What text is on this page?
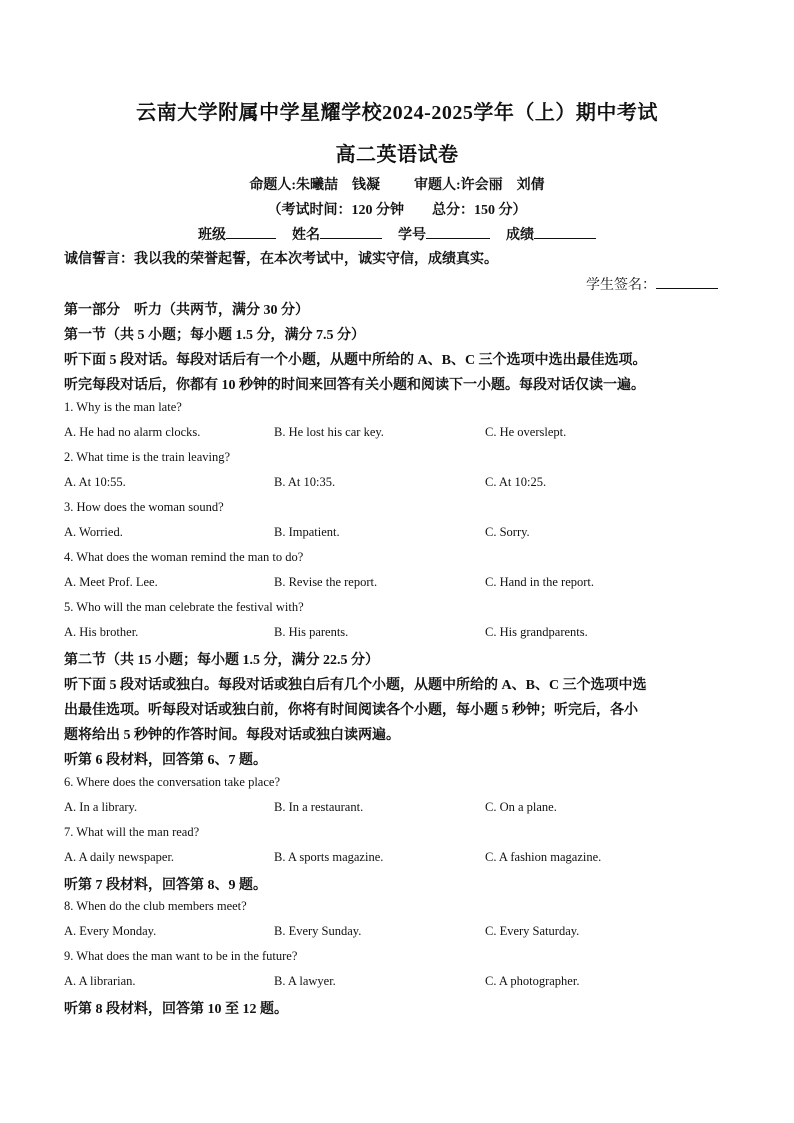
云南大学附属中学星耀学校2024-2025学年（上）期中考试
高二英语试卷
命题人:朱曦喆　钱凝 审题人:许会丽　刘倩
（考试时间：120 分钟　　总分：150 分）
班级	姓名	学号	成绩
诚信誓言：我以我的荣誉起誓，在本次考试中，诚实守信，成绩真实。
学生签名：
第一部分　听力（共两节，满分 30 分）
第一节（共 5 小题；每小题 1.5 分，满分 7.5 分）
听下面 5 段对话。每段对话后有一个小题，从题中所给的 A、B、C 三个选项中选出最佳选项。
听完每段对话后，你都有 10 秒钟的时间来回答有关小题和阅读下一小题。每段对话仅读一遍。
1. Why is the man late?
A. He had no alarm clocks.	B. He lost his car key.	C. He overslept.
2. What time is the train leaving?
A. At 10:55.	B. At 10:35.	C. At 10:25.
3. How does the woman sound?
A. Worried.	B. Impatient.	C. Sorry.
4. What does the woman remind the man to do?
A. Meet Prof. Lee.	B. Revise the report.	C. Hand in the report.
5. Who will the man celebrate the festival with?
A. His brother.	B. His parents.	C. His grandparents.
第二节（共 15 小题；每小题 1.5 分，满分 22.5 分）
听下面 5 段对话或独白。每段对话或独白后有几个小题，从题中所给的 A、B、C 三个选项中选
出最佳选项。听每段对话或独白前，你将有时间阅读各个小题，每小题 5 秒钟；听完后，各小
题将给出 5 秒钟的作答时间。每段对话或独白读两遍。
听第 6 段材料，回答第 6、7 题。
6. Where does the conversation take place?
A. In a library.	B. In a restaurant.	C. On a plane.
7. What will the man read?
A. A daily newspaper.	B. A sports magazine.	C. A fashion magazine.
听第 7 段材料，回答第 8、9 题。
8. When do the club members meet?
A. Every Monday.	B. Every Sunday.	C. Every Saturday.
9. What does the man want to be in the future?
A. A librarian.	B. A lawyer.	C. A photographer.
听第 8 段材料，回答第 10 至 12 题。
